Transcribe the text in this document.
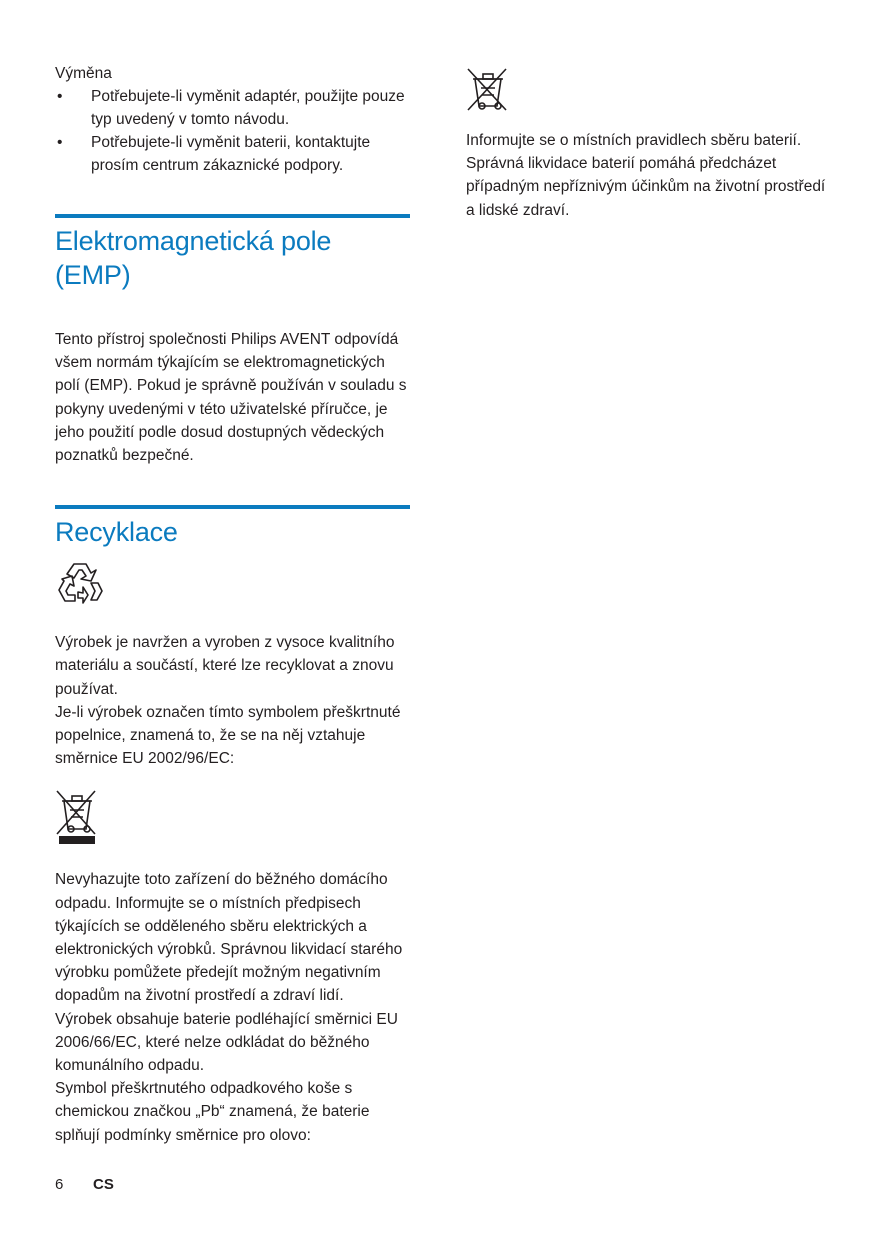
Výměna

• Potřebujete-li vyměnit adaptér, použijte pouze typ uvedený v tomto návodu.
• Potřebujete-li vyměnit baterii, kontaktujte prosím centrum zákaznické podpory.
Elektromagnetická pole (EMP)

Tento přístroj společnosti Philips AVENT odpovídá všem normám týkajícím se elektromagnetických polí (EMP). Pokud je správně používán v souladu s pokyny uvedenými v této uživatelské příručce, je jeho použití podle dosud dostupných vědeckých poznatků bezpečné.

Recyklace

Výrobek je navržen a vyroben z vysoce kvalitního materiálu a součástí, které lze recyklovat a znovu používat.

Je-li výrobek označen tímto symbolem přeškrtnuté popelnice, znamená to, že se na něj vztahuje směrnice EU 2002/96/EC:

Nevyhazujte toto zařízení do běžného domácího odpadu. Informujte se o místních předpisech týkajících se odděleného sběru elektrických a elektronických výrobků. Správnou likvidací starého výrobku pomůžete předejít možným negativním dopadům na životní prostředí a zdraví lidí.

Výrobek obsahuje baterie podléhající směrnici EU 2006/66/EC, které nelze odkládat do běžného komunálního odpadu.

Symbol přeškrtnutého odpadkového koše s chemickou značkou „Pb“ znamená, že baterie splňují podmínky směrnice pro olovo:

Informujte se o místních pravidlech sběru baterií. Správná likvidace baterií pomáhá předcházet případným nepříznivým účinkům na životní prostředí a lidské zdraví.

6 CS
